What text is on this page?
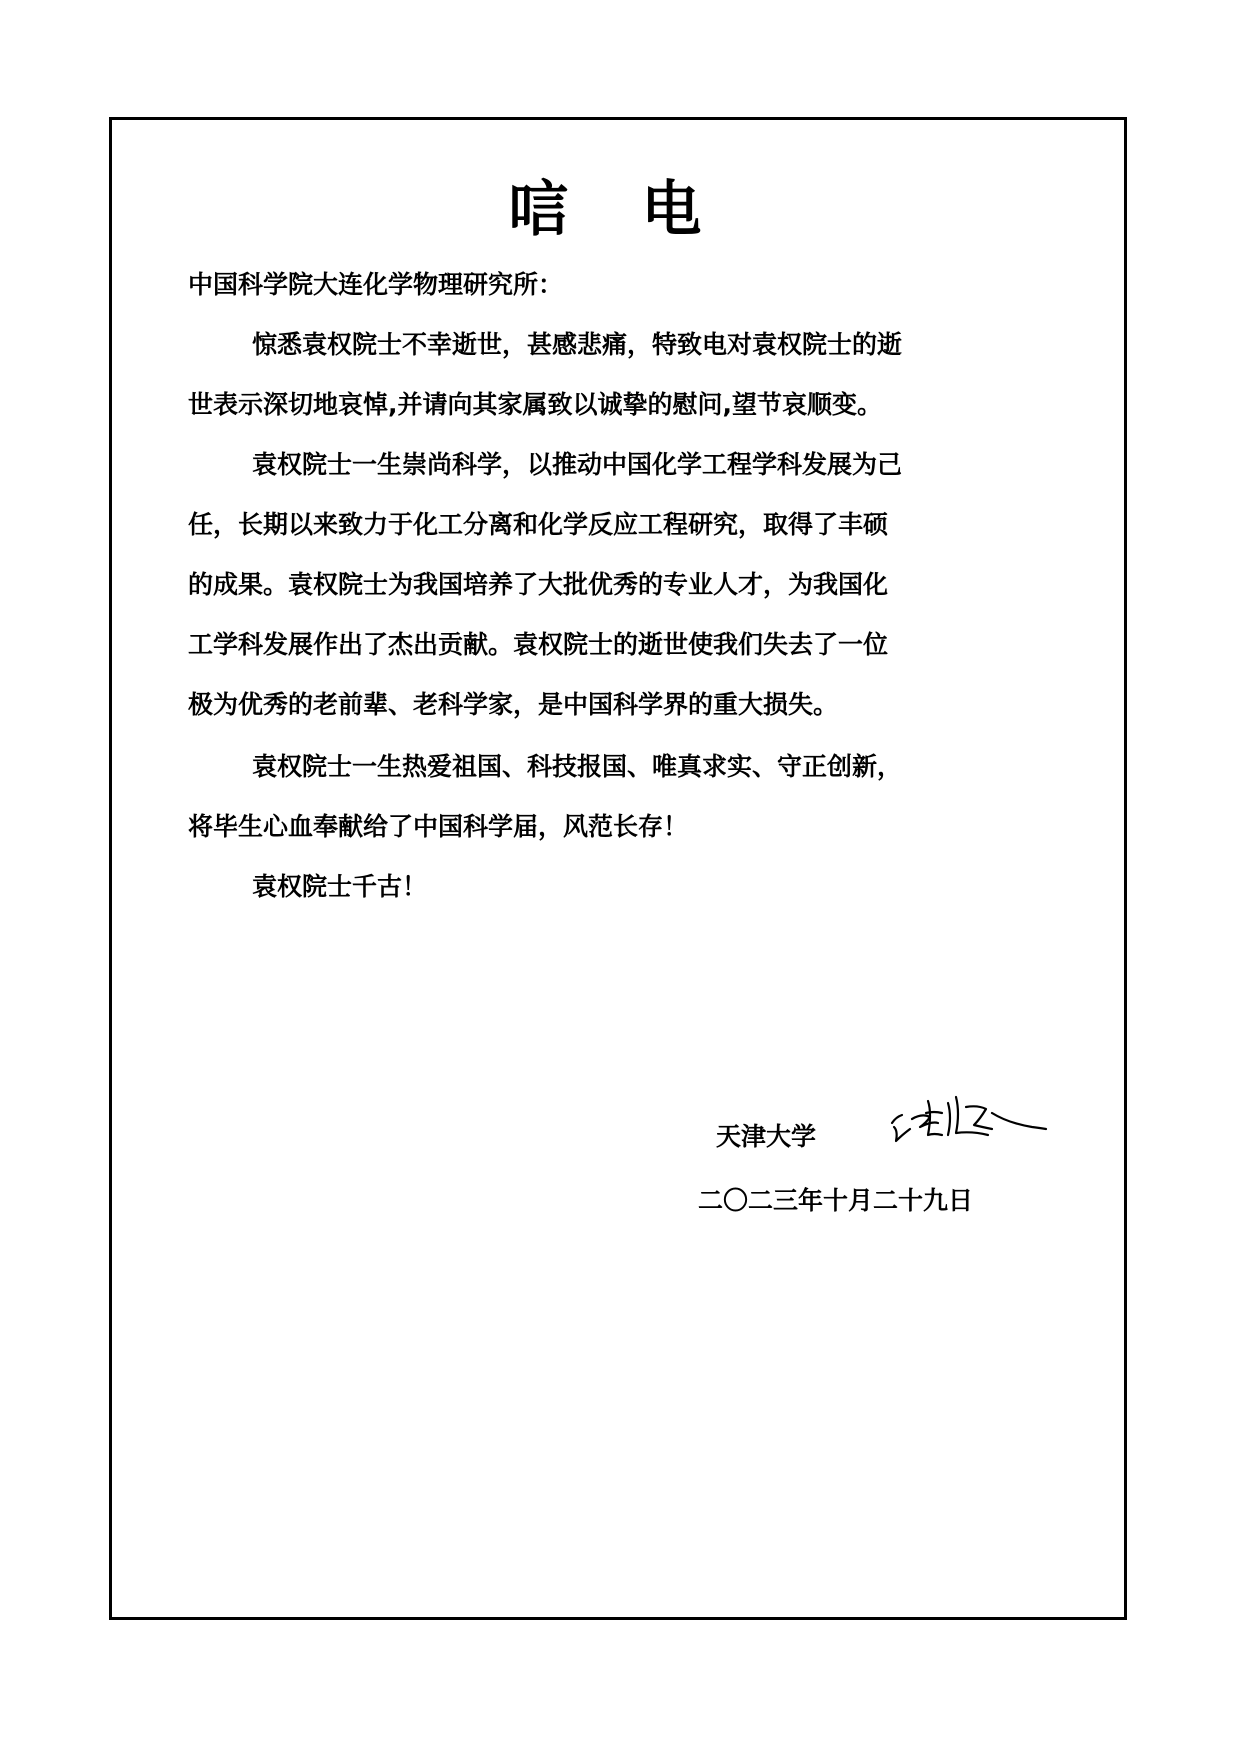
唁 电
中国科学院大连化学物理研究所：
惊悉袁权院士不幸逝世，甚感悲痛，特致电对袁权院士的逝
世表示深切地哀悼,并请向其家属致以诚挚的慰问,望节哀顺变。
袁权院士一生崇尚科学，以推动中国化学工程学科发展为己
任，长期以来致力于化工分离和化学反应工程研究，取得了丰硕
的成果。袁权院士为我国培养了大批优秀的专业人才，为我国化
工学科发展作出了杰出贡献。袁权院士的逝世使我们失去了一位
极为优秀的老前辈、老科学家，是中国科学界的重大损失。
袁权院士一生热爱祖国、科技报国、唯真求实、守正创新，
将毕生心血奉献给了中国科学届，风范长存！
袁权院士千古！
天津大学
二〇二三年十月二十九日
